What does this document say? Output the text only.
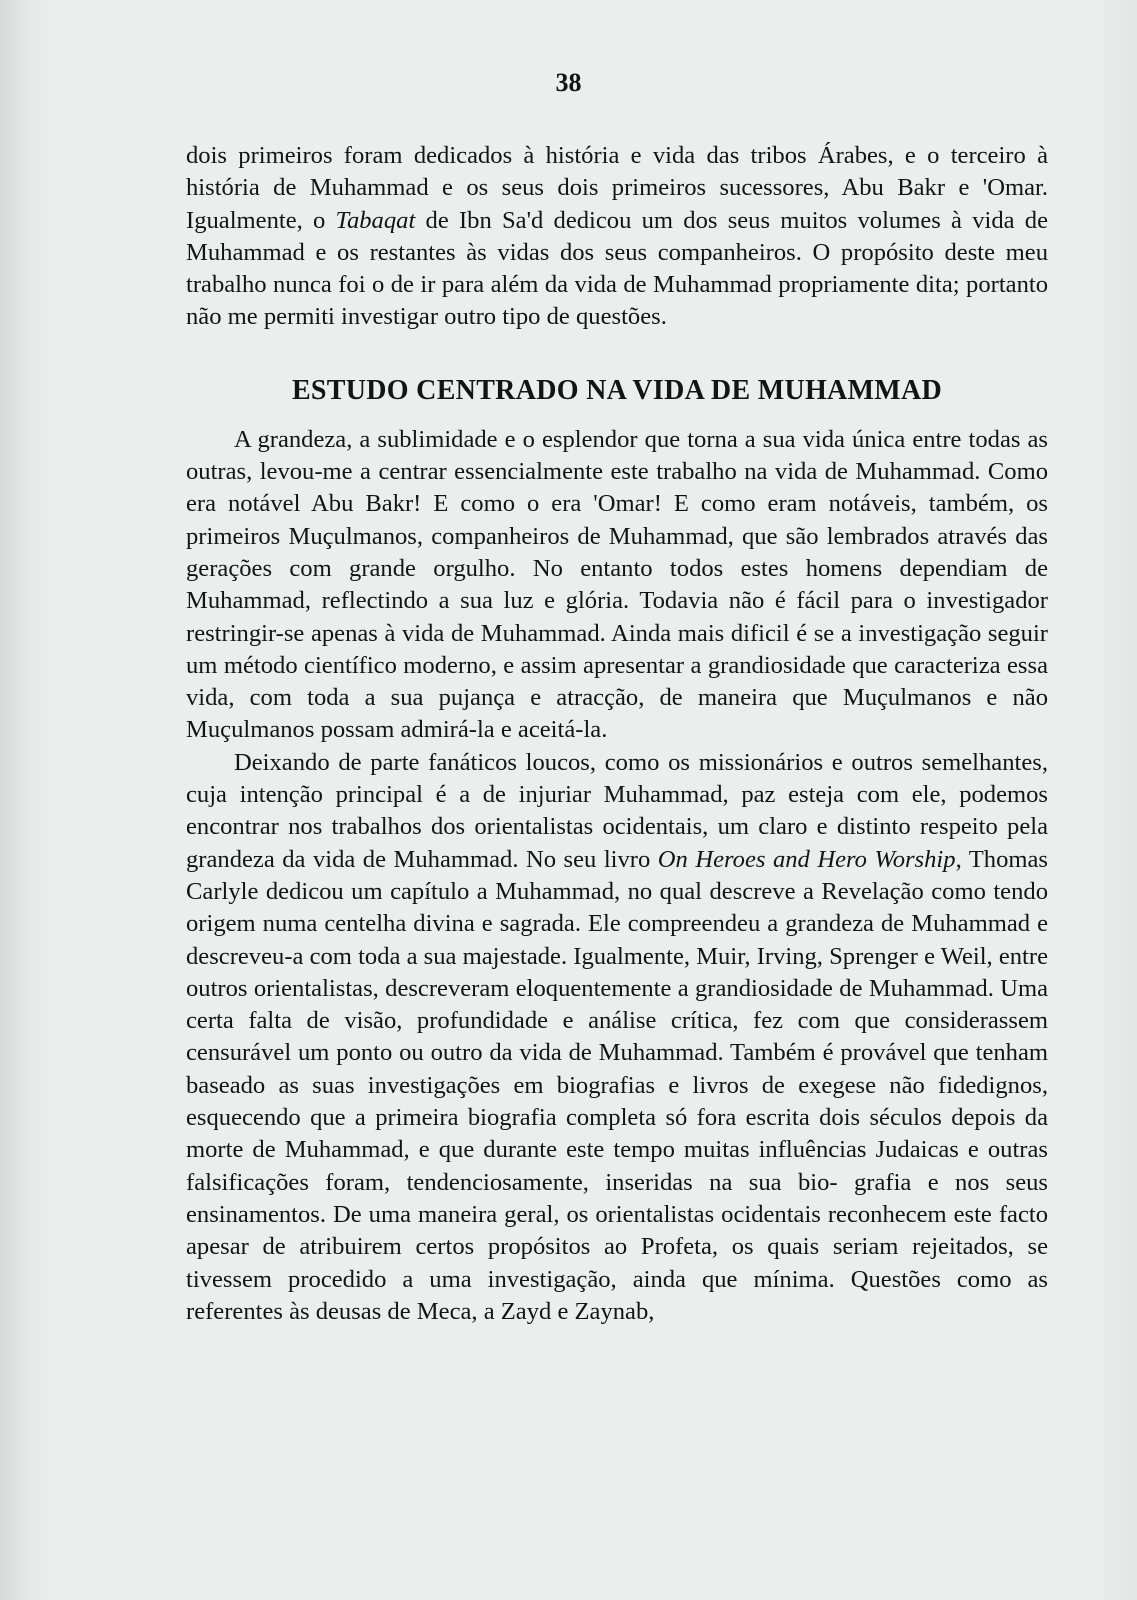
38

dois primeiros foram dedicados à história e vida das tribos Árabes, e o terceiro à história de Muhammad e os seus dois primeiros sucessores, Abu Bakr e 'Omar. Igualmente, o Tabaqat de Ibn Sa'd dedicou um dos seus muitos volumes à vida de Muhammad e os restantes às vidas dos seus companheiros. O propósito deste meu trabalho nunca foi o de ir para além da vida de Muhammad propriamente dita; portanto não me permiti investigar outro tipo de questões.

ESTUDO CENTRADO NA VIDA DE MUHAMMAD

A grandeza, a sublimidade e o esplendor que torna a sua vida única entre todas as outras, levou-me a centrar essencialmente este trabalho na vida de Muhammad. Como era notável Abu Bakr! E como o era 'Omar! E como eram notáveis, também, os primeiros Muçulmanos, companheiros de Muhammad, que são lembrados através das gerações com grande orgulho. No entanto todos estes homens dependiam de Muhammad, reflectindo a sua luz e glória. Todavia não é fácil para o investigador restringir-se apenas à vida de Muhammad. Ainda mais dificil é se a investigação seguir um método científico moderno, e assim apresentar a grandiosidade que caracteriza essa vida, com toda a sua pujança e atracção, de maneira que Muçulmanos e não Muçulmanos possam admirá-la e aceitá-la.

Deixando de parte fanáticos loucos, como os missionários e outros semelhantes, cuja intenção principal é a de injuriar Muhammad, paz esteja com ele, podemos encontrar nos trabalhos dos orientalistas ocidentais, um claro e distinto respeito pela grandeza da vida de Muhammad. No seu livro On Heroes and Hero Worship, Thomas Carlyle dedicou um capítulo a Muhammad, no qual descreve a Revelação como tendo origem numa centelha divina e sagrada. Ele compreendeu a grandeza de Muhammad e descreveu-a com toda a sua majestade. Igualmente, Muir, Irving, Sprenger e Weil, entre outros orientalistas, descreveram eloquentemente a grandiosidade de Muhammad. Uma certa falta de visão, profundidade e análise crítica, fez com que considerassem censurável um ponto ou outro da vida de Muhammad. Também é provável que tenham baseado as suas investigações em biografias e livros de exegese não fidedignos, esquecendo que a primeira biografia completa só fora escrita dois séculos depois da morte de Muhammad, e que durante este tempo muitas influências Judaicas e outras falsificações foram, tendenciosamente, inseridas na sua bio- grafia e nos seus ensinamentos. De uma maneira geral, os orientalistas ocidentais reconhecem este facto apesar de atribuirem certos propósitos ao Profeta, os quais seriam rejeitados, se tivessem procedido a uma investigação, ainda que mínima. Questões como as referentes às deusas de Meca, a Zayd e Zaynab,
